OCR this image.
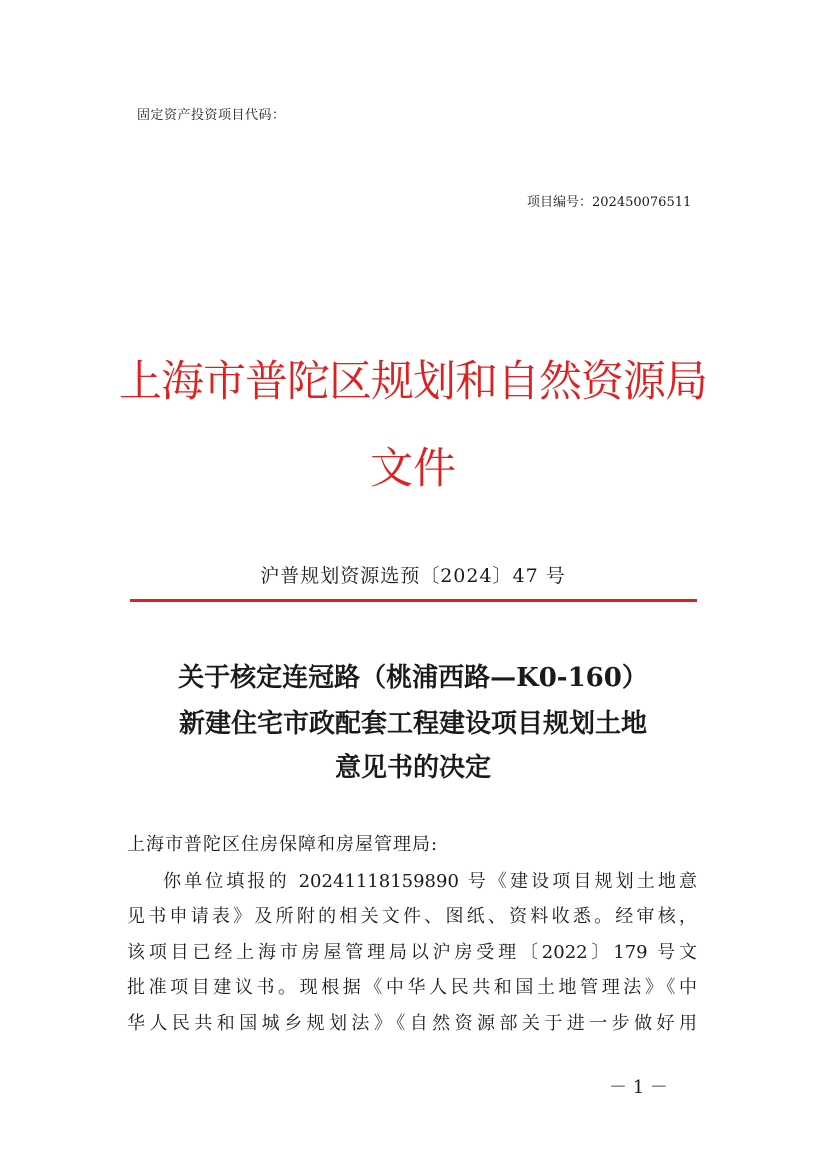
固定资产投资项目代码：
项目编号：202450076511
上海市普陀区规划和自然资源局
文件
沪普规划资源选预〔2024〕47 号
关于核定连冠路（桃浦西路—K0-160）
新建住宅市政配套工程建设项目规划土地
意见书的决定
上海市普陀区住房保障和房屋管理局:
你单位填报的 20241118159890 号《建设项目规划土地意
见书申请表》及所附的相关文件、图纸、资料收悉。经审核，
该项目已经上海市房屋管理局以沪房受理〔2022〕179 号文
批准项目建议书。现根据《中华人民共和国土地管理法》《中
华人民共和国城乡规划法》《自然资源部关于进一步做好用
－ 1 －
